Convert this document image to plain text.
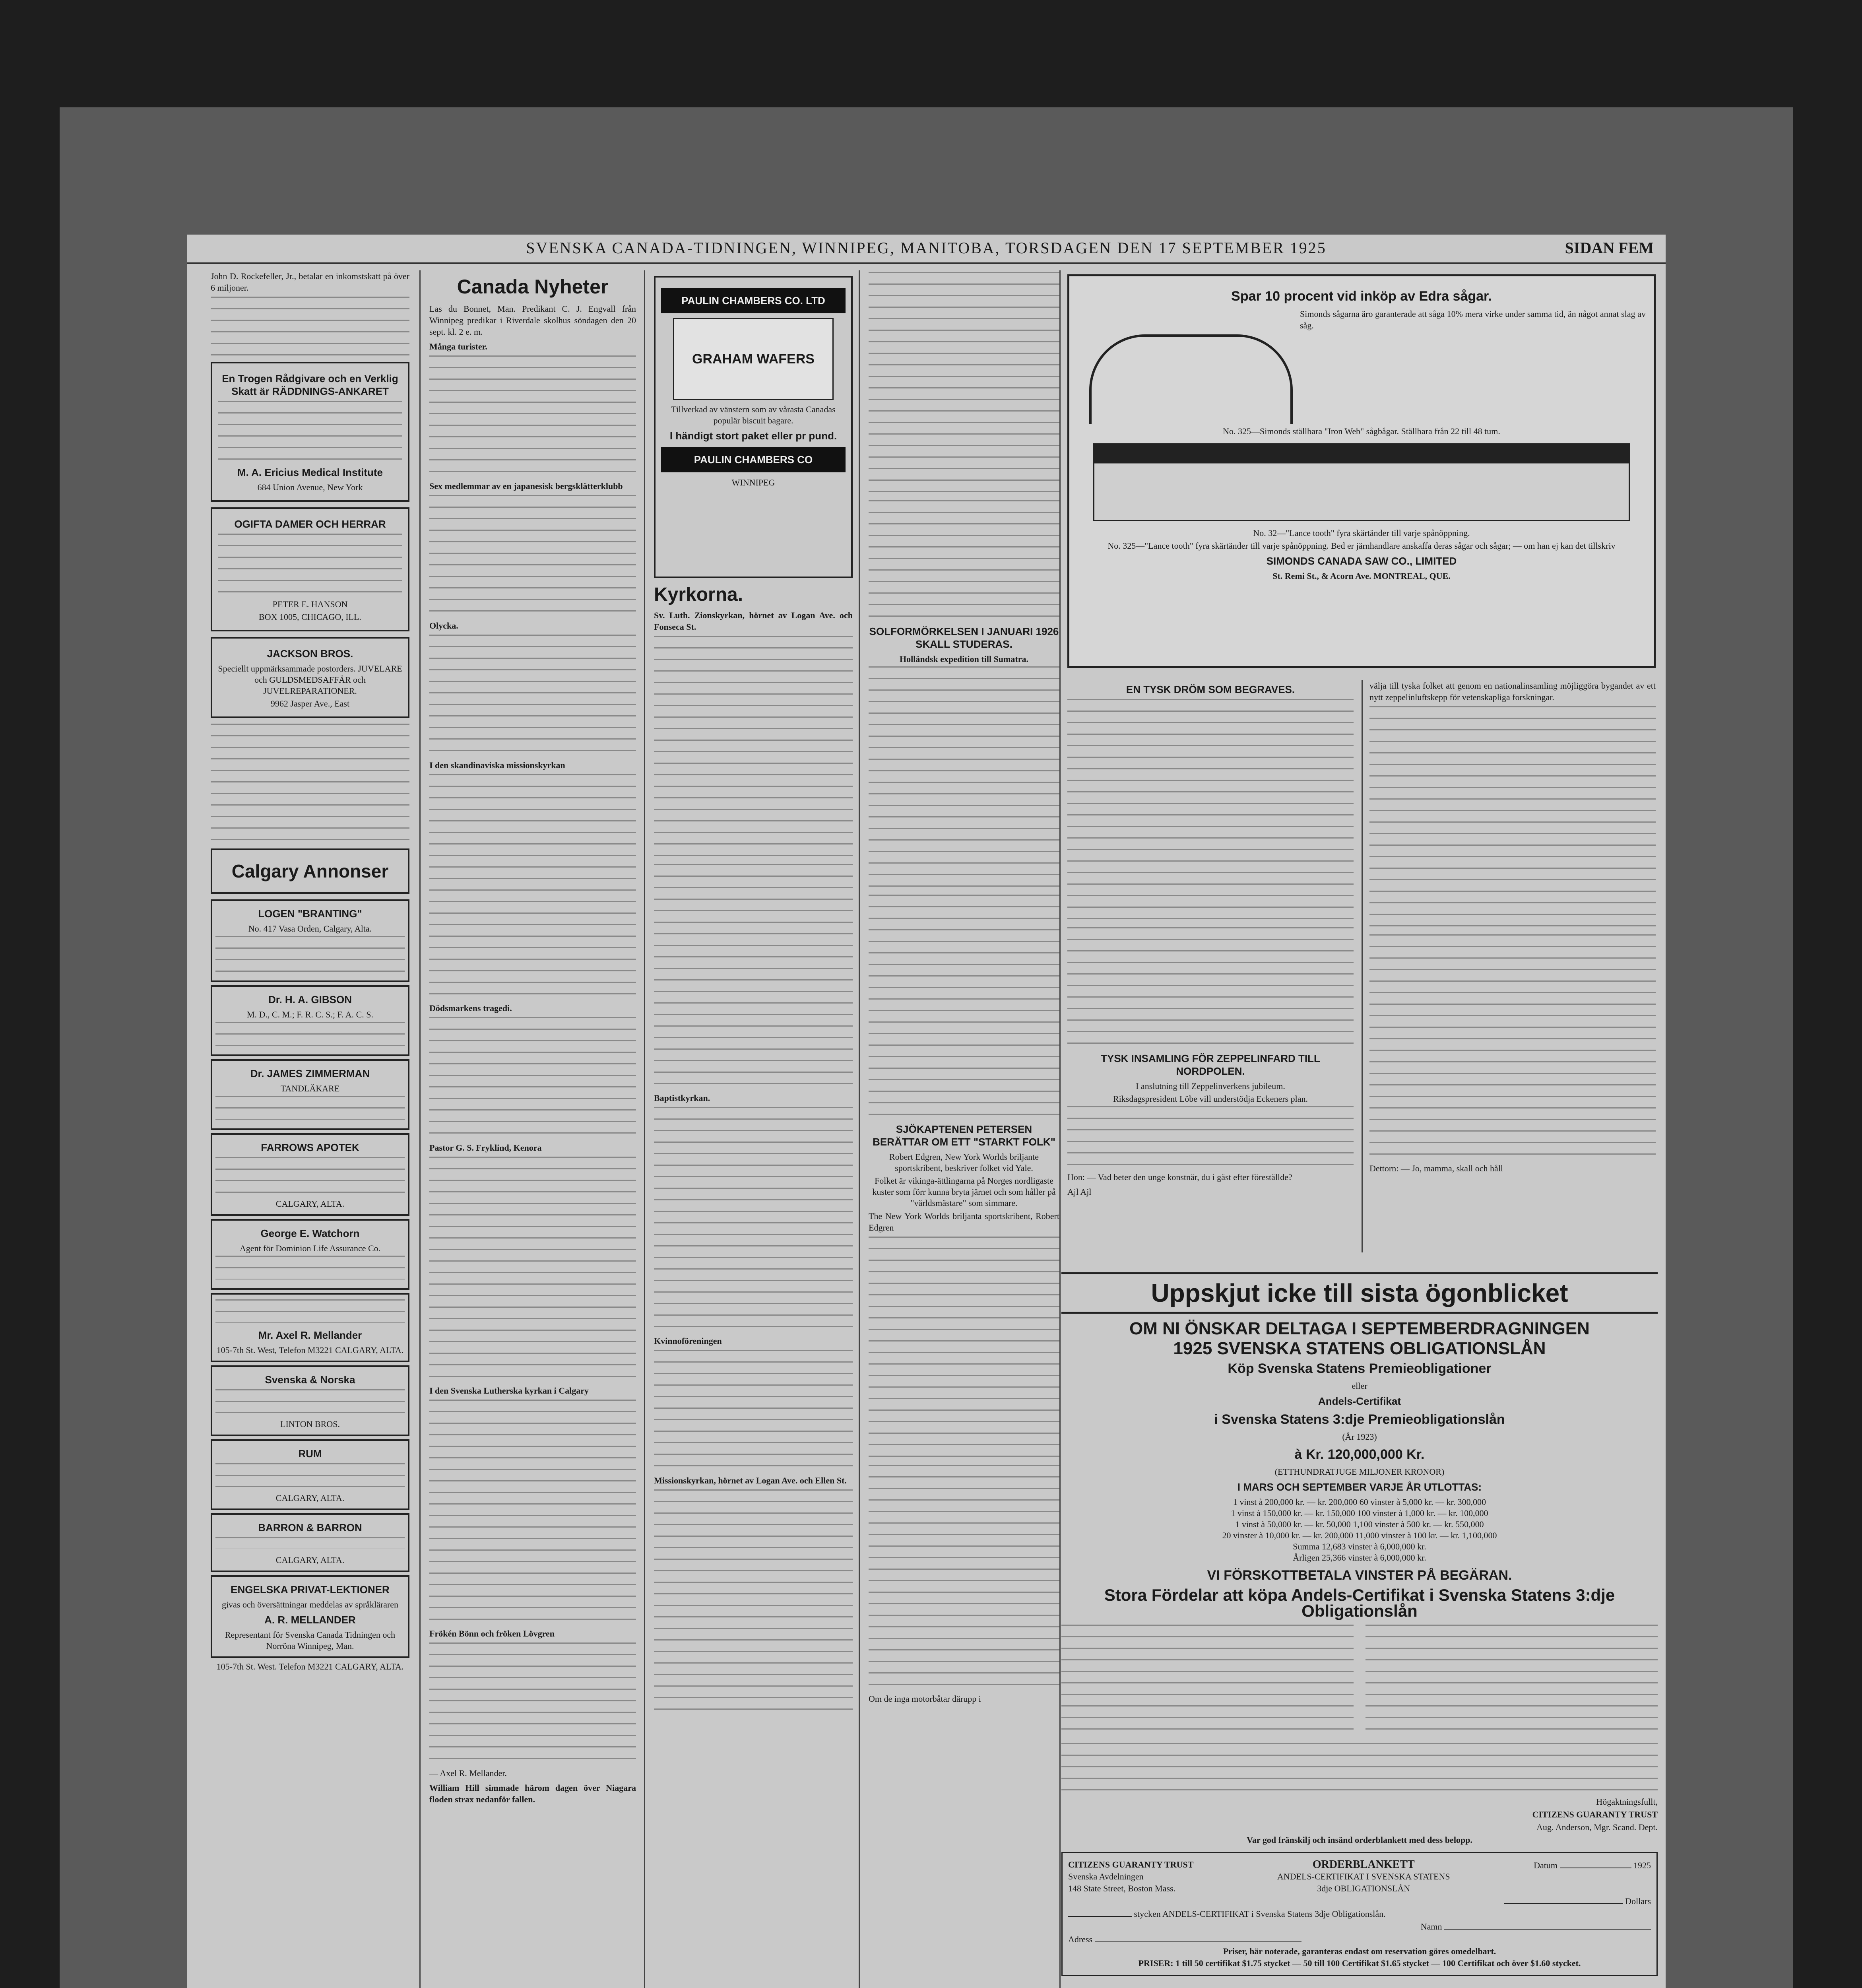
SVENSKA CANADA-TIDNINGEN, WINNIPEG, MANITOBA, TORSDAGEN DEN 17 SEPTEMBER 1925	SIDAN FEM

John D. Rockefeller, Jr., betalar en inkomstskatt på över 6 miljoner.

En Trogen Rådgivare och en Verklig Skatt är RÄDDNINGS-ANKARET
M. A. Ericius Medical Institute
684 Union Avenue, New York
OGIFTA DAMER OCH HERRAR
PETER E. HANSON
BOX 1005, CHICAGO, ILL.
JACKSON BROS.
Speciellt uppmärksammade postorders. JUVELARE och GULDSMEDSAFFÄR och JUVELREPARATIONER.
9962 Jasper Ave., East
Calgary Annonser
LOGEN "BRANTING"
No. 417 Vasa Orden, Calgary, Alta.
Dr. H. A. GIBSON
M. D., C. M.; F. R. C. S.; F. A. C. S.
Dr. JAMES ZIMMERMAN
TANDLÄKARE
FARROWS APOTEK
CALGARY, ALTA.
George E. Watchorn
Agent för Dominion Life Assurance Co.
Mr. Axel R. Mellander
105-7th St. West, Telefon M3221 CALGARY, ALTA.
Svenska & Norska
LINTON BROS.
RUM
CALGARY, ALTA.
BARRON & BARRON
CALGARY, ALTA.
ENGELSKA PRIVAT-LEKTIONER
givas och översättningar meddelas av språkläraren
A. R. MELLANDER
Representant för Svenska Canada Tidningen och Norröna Winnipeg, Man.
105-7th St. West. Telefon M3221 CALGARY, ALTA.
Canada Nyheter

Las du Bonnet, Man. Predikant C. J. Engvall från Winnipeg predikar i Riverdale skolhus söndagen den 20 sept. kl. 2 e. m.

Många turister.

Sex medlemmar av en japanesisk bergsklätterklubb

Olycka.

I den skandinaviska missionskyrkan

Dödsmarkens tragedi.

Pastor G. S. Fryklind, Kenora

I den Svenska Lutherska kyrkan i Calgary

Frökén Bönn och fröken Lövgren

— Axel R. Mellander.

William Hill simmade härom dagen över Niagara floden strax nedanför fallen.

PAULIN CHAMBERS CO. LTD
GRAHAM WAFERS
Tillverkad av vänstern som av vårasta Canadas populär biscuit bagare.
I händigt stort paket eller pr pund.
PAULIN CHAMBERS CO
WINNIPEG
Kyrkorna.

Sv. Luth. Zionskyrkan, hörnet av Logan Ave. och Fonseca St.

Baptistkyrkan.

Kvinnoföreningen

Missionskyrkan, hörnet av Logan Ave. och Ellen St.

SOLFORMÖRKELSEN I JANUARI 1926 SKALL STUDERAS.
Holländsk expedition till Sumatra.
SJÖKAPTENEN PETERSEN BERÄTTAR OM ETT "STARKT FOLK"
Robert Edgren, New York Worlds briljante sportskribent, beskriver folket vid Yale.
Folket är vikinga-ättlingarna på Norges nordligaste kuster som förr kunna bryta järnet och som håller på "världsmästare" som simmare.

The New York Worlds briljanta sportskribent, Robert Edgren

Om de inga motorbåtar därupp i

Spar 10 procent vid inköp av Edra sågar.

Simonds sågarna äro garanterade att såga 10% mera virke under samma tid, än något annat slag av såg.

No. 325—Simonds ställbara "Iron Web" sågbågar. Ställbara från 22 till 48 tum.
No. 32—"Lance tooth" fyra skärtänder till varje spånöppning.
No. 325—"Lance tooth" fyra skärtänder till varje spånöppning. Bed er järnhandlare anskaffa deras sågar och sågar; — om han ej kan det tillskriv
SIMONDS CANADA SAW CO., LIMITED
St. Remi St., & Acorn Ave. MONTREAL, QUE.
EN TYSK DRÖM SOM BEGRAVES.
TYSK INSAMLING FÖR ZEPPELINFARD TILL NORDPOLEN.
I anslutning till Zeppelinverkens jubileum.
Riksdagspresident Löbe vill understödja Eckeners plan.

Hon: — Vad beter den unge konstnär, du i gäst efter föreställde?

Ajl Ajl

välja till tyska folket att genom en nationalinsamling möjliggöra bygandet av ett nytt zeppelinluftskepp för vetenskapliga forskningar.

Dettorn: — Jo, mamma, skall och håll

Uppskjut icke till sista ögonblicket
OM NI ÖNSKAR DELTAGA I SEPTEMBERDRAGNINGEN
1925 SVENSKA STATENS OBLIGATIONSLÅN
Köp Svenska Statens Premieobligationer
eller
Andels-Certifikat
i Svenska Statens 3:dje Premieobligationslån
(År 1923)
à Kr. 120,000,000 Kr.
(ETTHUNDRATJUGE MILJONER KRONOR)
I MARS OCH SEPTEMBER VARJE ÅR UTLOTTAS:
1 vinst à 200,000 kr. — kr. 200,000 60 vinster à 5,000 kr. — kr. 300,000
1 vinst à 150,000 kr. — kr. 150,000 100 vinster à 1,000 kr. — kr. 100,000
1 vinst à 50,000 kr. — kr. 50,000 1,100 vinster à 500 kr. — kr. 550,000
20 vinster à 10,000 kr. — kr. 200,000 11,000 vinster à 100 kr. — kr. 1,100,000
Summa 12,683 vinster à 6,000,000 kr.
Årligen 25,366 vinster à 6,000,000 kr.
VI FÖRSKOTTBETALA VINSTER PÅ BEGÄRAN.
Stora Fördelar att köpa Andels-Certifikat i Svenska Statens 3:dje Obligationslån
Högaktningsfullt,
CITIZENS GUARANTY TRUST
Aug. Anderson, Mgr. Scand. Dept.
Var god fränskilj och insänd orderblankett med dess belopp.
CITIZENS GUARANTY TRUST
Svenska Avdelningen
148 State Street, Boston Mass.
ORDERBLANKETT
ANDELS-CERTIFIKAT I SVENSKA STATENS
3dje OBLIGATIONSLÅN
Datum	1925
Dollars
stycken ANDELS-CERTIFIKAT i Svenska Statens 3dje Obligationslån.
Namn
Adress
Priser, här noterade, garanteras endast om reservation göres omedelbart.
PRISER: 1 till 50 certifikat $1.75 stycket — 50 till 100 Certifikat $1.65 stycket — 100 Certifikat och över $1.60 stycket.
